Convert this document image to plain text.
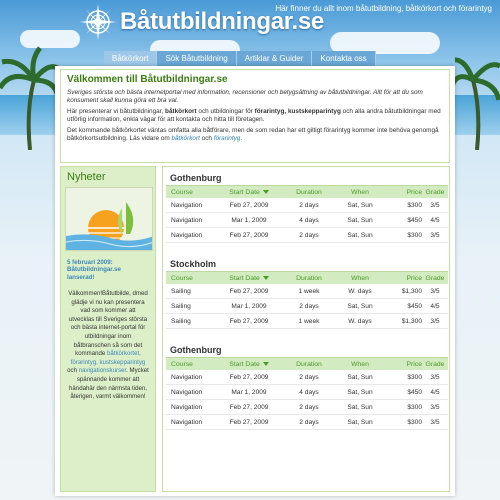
Båtutbildningar.se
Här finner du allt inom båtutbildning, båtkörkort och förarintyg
Båtkörkort	Sök Båtutbildning	Artiklar & Guider	Kontakta oss
Välkommen till Båtutbildningar.se

Sveriges största och bästa internetportal med information, recensioner och betygsättning av båtutbildningar. Allt för att du som konsument skall kunna göra ett bra val.

Här presenterar vi båtutbildningar, båtkörkort och utbildningar för förarintyg, kustskepparintyg och alla andra båtutbildningar med utförlig information, enkla vägar för att kontakta och hitta till företagen.

Det kommande båtkörkortet väntas omfatta alla båtförare, men de som redan har ett giltigt förarintyg kommer inte behöva genomgå båtkörkortsutbildning. Läs vidare om båtkörkort och förarintyg.

Nyheter
5 februari 2009:
Båtutbildningar.se lanserad!
Välkommen!Båtutbilde, dmed glädje vi nu kan presentera vad som kommer att utvecklas till Sveriges största och bästa internet-portal för utbildningar inom båtbranschen så som det kommande båtkörkortet, förarintyg, kustskepparintyg och navigationskurser. Mycket spännande kommer att händahär den närmsta tiden, återigen, varmt välkommen!
Gothenburg
Course	Start Date	Duration	When	Price Grade
Navigation	Feb 27, 2009	2 days	Sat, Sun	$300	3/5
Navigation	Mar 1, 2009	4 days	Sat, Sun	$450	4/5
Navigation	Feb 27, 2009	2 days	Sat, Sun	$300	3/5
Stockholm
Course	Start Date	Duration	When	Price Grade
Sailing	Feb 27, 2009	1 week	W. days	$1,300	3/5
Sailing	Mar 1, 2009	2 days	Sat, Sun	$450	4/5
Sailing	Feb 27, 2009	1 week	W. days	$1,300	3/5
Gothenburg
Course	Start Date	Duration	When	Price Grade
Navigation	Feb 27, 2009	2 days	Sat, Sun	$300	3/5
Navigation	Mar 1, 2009	4 days	Sat, Sun	$450	4/5
Navigation	Feb 27, 2009	2 days	Sat, Sun	$300	3/5
Navigation	Feb 27, 2009	2 days	Sat, Sun	$300	3/5
